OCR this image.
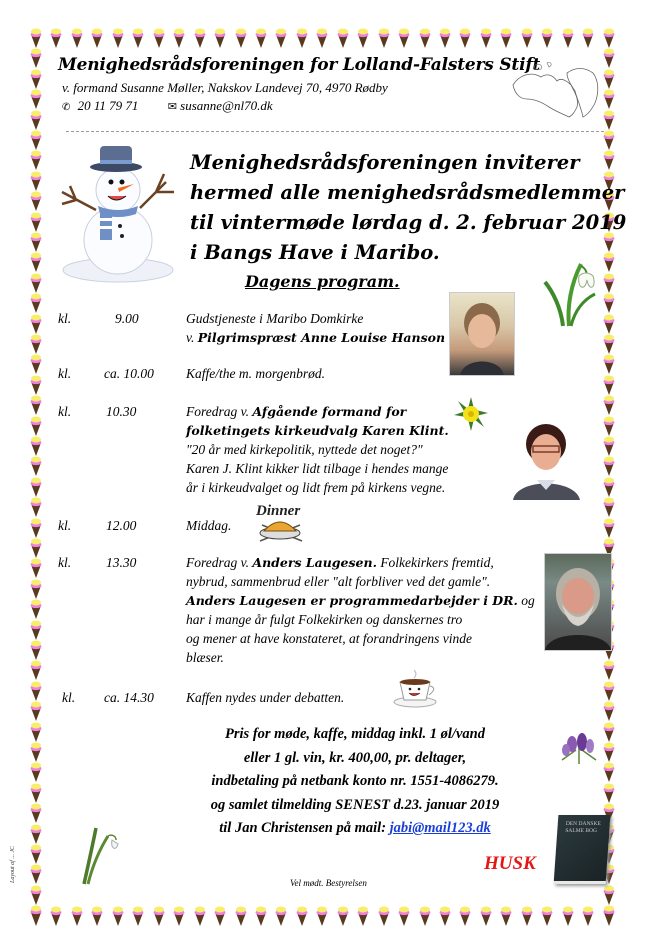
Menighedsrådsforeningen for Lolland-Falsters Stift
v. formand Susanne Møller, Nakskov Landevej 70, 4970 Rødby
✆ 20 11 79 71	✉ susanne@nl70.dk
Menighedsrådsforeningen inviterer
hermed alle menighedsrådsmedlemmer
til vintermøde lørdag d. 2. februar 2019
i Bangs Have i Maribo.
Dagens program.
kl.	9.00	Gudstjeneste i Maribo Domkirke
v. Pilgrimspræst Anne Louise Hanson
kl. ca. 10.00 Kaffe/the m. morgenbrød.
kl.	10.30	Foredrag v. Afgående formand for
folketingets kirkeudvalg Karen Klint.
"20 år med kirkepolitik, nyttede det noget?"
Karen J. Klint kikker lidt tilbage i hendes mange
år i kirkeudvalget og lidt frem på kirkens vegne.
kl.	12.00	Middag.
Dinner
kl.	13.30	Foredrag v. Anders Laugesen. Folkekirkers fremtid,
nybrud, sammenbrud eller "alt forbliver ved det gamle".
Anders Laugesen er programmedarbejder i DR. og
har i mange år fulgt Folkekirken og danskernes tro
og mener at have konstateret, at forandringens vinde
blæser.
kl. ca. 14.30 Kaffen nydes under debatten.
Pris for møde, kaffe, middag inkl. 1 øl/vand
eller 1 gl. vin, kr. 400,00, pr. deltager,
indbetaling på netbank konto nr. 1551-4086279.
og samlet tilmelding SENEST d.23. januar 2019
til Jan Christensen på mail: jabi@mail123.dk	DEN DANSKE SALME BOG
HUSK
Vel mødt. Bestyrelsen
Layout af ... JC
